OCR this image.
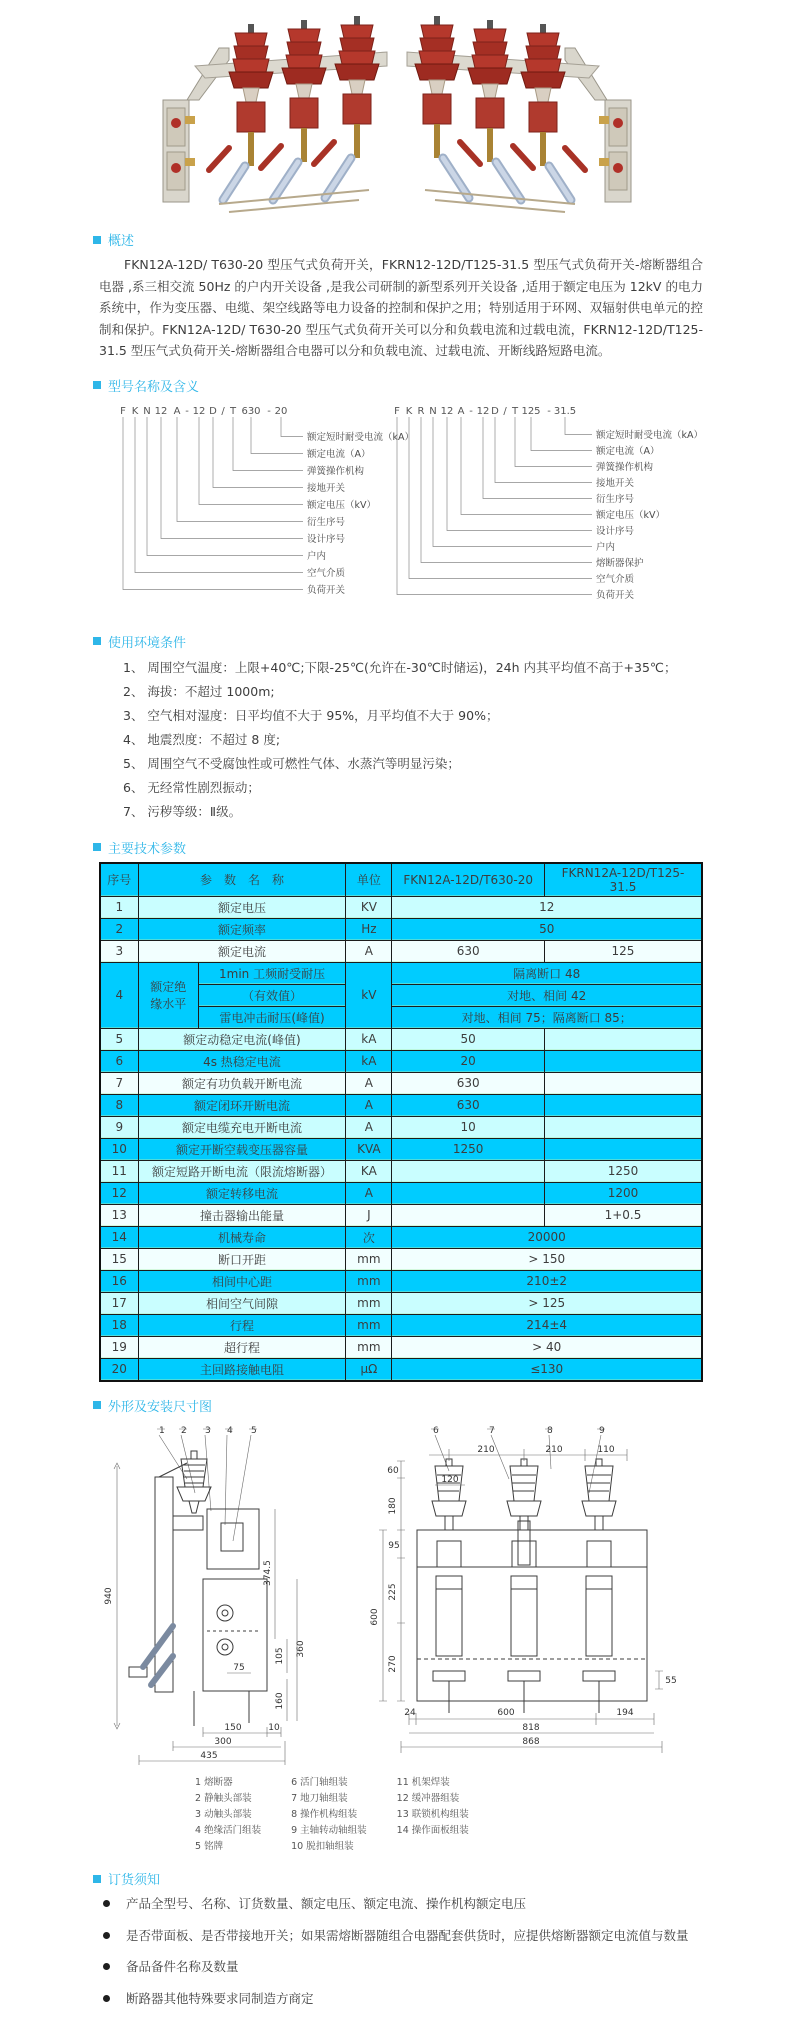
概述

FKN12A-12D/ T630-20 型压气式负荷开关，FKRN12-12D/T125-31.5 型压气式负荷开关-熔断器组合电器 ,系三相交流 50Hz 的户内开关设备 ,是我公司研制的新型系列开关设备 ,适用于额定电压为 12kV 的电力系统中，作为变压器、电缆、架空线路等电力设备的控制和保护之用；特别适用于环网、双辐射供电单元的控制和保护。FKN12A-12D/ T630-20 型压气式负荷开关可以分和负载电流和过载电流，FKRN12-12D/T125-31.5 型压气式负荷开关-熔断器组合电器可以分和负载电流、过载电流、开断线路短路电流。

型号名称及含义
F K N 12 A - 12 D / T 630 - 20
额定短时耐受电流（kA）
额定电流（A）
弹簧操作机构
接地开关
额定电压（kV）
衍生序号
设计序号
户内
空气介质
负荷开关
F K R N 12 A - 12 D / T 125 - 31.5
额定短时耐受电流（kA）
额定电流（A）
弹簧操作机构
接地开关
衍生序号
额定电压（kV）
设计序号
户内
熔断器保护
空气介质
负荷开关
使用环境条件
1、 周围空气温度：上限+40℃;下限-25℃(允许在-30℃时储运)，24h 内其平均值不高于+35℃；
2、 海拔：不超过 1000m;
3、 空气相对湿度：日平均值不大于 95%，月平均值不大于 90%；
4、 地震烈度：不超过 8 度;
5、 周围空气不受腐蚀性或可燃性气体、水蒸汽等明显污染；
6、 无经常性剧烈振动；
7、 污秽等级：Ⅱ级。
主要技术参数
序号	参　数　名　称		单位	FKN12A-12D/T630-20	FKRN12A-12D/T125-31.5
1	额定电压		KV	12	
2	额定频率		Hz	50	
3	额定电流		A	630	125
4	额定绝缘水平	1min 工频耐受耐压	kV	隔离断口 48	
		（有效值）		对地、相间 42	
		雷电冲击耐压(峰值)		对地、相间 75；隔离断口 85；	
5	额定动稳定电流(峰值)		kA	50	
6	4s 热稳定电流		kA	20	
7	额定有功负载开断电流		A	630	
8	额定闭环开断电流		A	630	
9	额定电缆充电开断电流		A	10	
10	额定开断空载变压器容量		KVA	1250	
11	额定短路开断电流（限流熔断器）		KA		1250
12	额定转移电流		A		1200
13	撞击器输出能量		J		1+0.5
14	机械寿命		次	20000	
15	断口开距		mm	> 150	
16	相间中心距		mm	210±2	
17	相间空气间隙		mm	> 125	
18	行程		mm	214±4	
19	超行程		mm	> 40	
20	主回路接触电阻		μΩ	≤130	
外形及安装尺寸图
1 2 3 4 5
940
374.5
105 360
160
75
150	10
300
435
6	7	8	9
210	210	110
120
60
180
95
225
270
600
55
24	600	194
818
868
1 熔断器
2 静触头部装
3 动触头部装
4 绝缘活门组装
5 铭牌
6 活门轴组装
7 地刀轴组装
8 操作机构组装
9 主轴转动轴组装
10 脱扣轴组装
11 机架焊装
12 缓冲器组装
13 联锁机构组装
14 操作面板组装
订货须知
产品全型号、名称、订货数量、额定电压、额定电流、操作机构额定电压
是否带面板、是否带接地开关；如果需熔断器随组合电器配套供货时，应提供熔断器额定电流值与数量
备品备件名称及数量
断路器其他特殊要求同制造方商定
